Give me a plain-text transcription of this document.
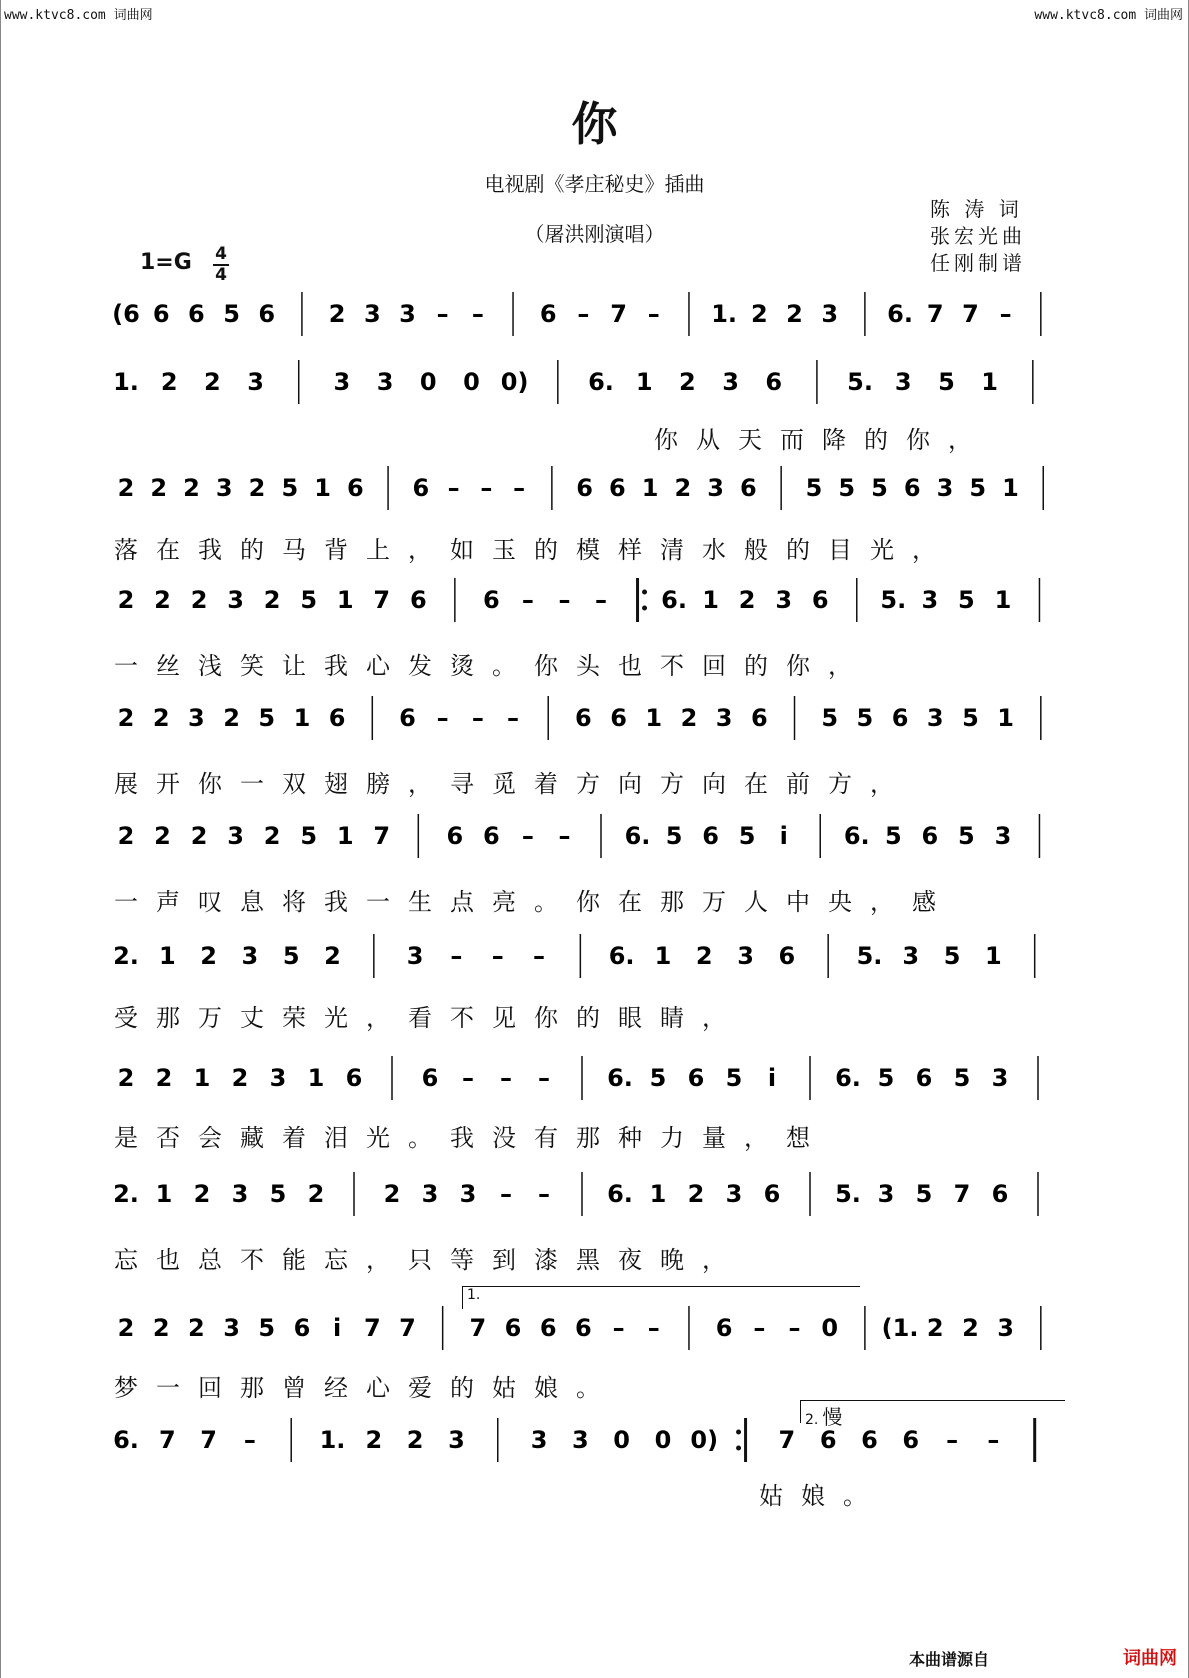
www.ktvc8.com 词曲网	www.ktvc8.com 词曲网
你
电视剧《孝庄秘史》插曲
（屠洪刚演唱）
陈 涛 词
张宏光曲
任刚制谱
1=G 4
4
(6 6 6 5 6 2 3 3 – – 6 – 7 – 1. 2 2 3 6. 7 7 –
1. 2 2 3	3 3 0 0 0) 6. 1 2 3 6	5. 3 5 1
2 2 2 3 2 5 1 6 6 – – – 6 6 1 2 3 6 5 5 5 6 3 5 1
2 2 2 3 2 5 1 7 6 6 – – – 6. 1 2 3 6 5. 3 5 1
2 2 3 2 5 1 6 6 – – – 6 6 1 2 3 6 5 5 6 3 5 1
2 2 2 3 2 5 1 7 6 6 – – 6. 5 6 5 i 6. 5 6 5 3
2. 1 2 3 5 2	3 – – –	6. 1 2 3 6	5. 3 5 1
2 2 1 2 3 1 6 6 – – – 6. 5 6 5 i 6. 5 6 5 3
2. 1 2 3 5 2 2 3 3 – – 6. 1 2 3 6 5. 3 5 7 6
2 2 2 3 5 6 i 7 7 7 6 6 6 – – 6 – – 0 (1. 2 2 3
6. 7 7 –	1. 2 2 3	3 3 0 0 0)	7 6 6 6 – –
你从天而降的你，
落在我的马背上，如玉的模样清水般的目光，
一丝浅笑让我心发烫。你头也不回的你，
展开你一双翅膀，寻觅着方向方向在前方，
一声叹息将我一生点亮。你在那万人中央，感
受那万丈荣光，看不见你的眼睛，
是否会藏着泪光。我没有那种力量，想
忘也总不能忘，只等到漆黑夜晚，
梦一回那曾经心爱的姑娘。
姑娘。
1.
2. 慢
本曲谱源自	词曲网
